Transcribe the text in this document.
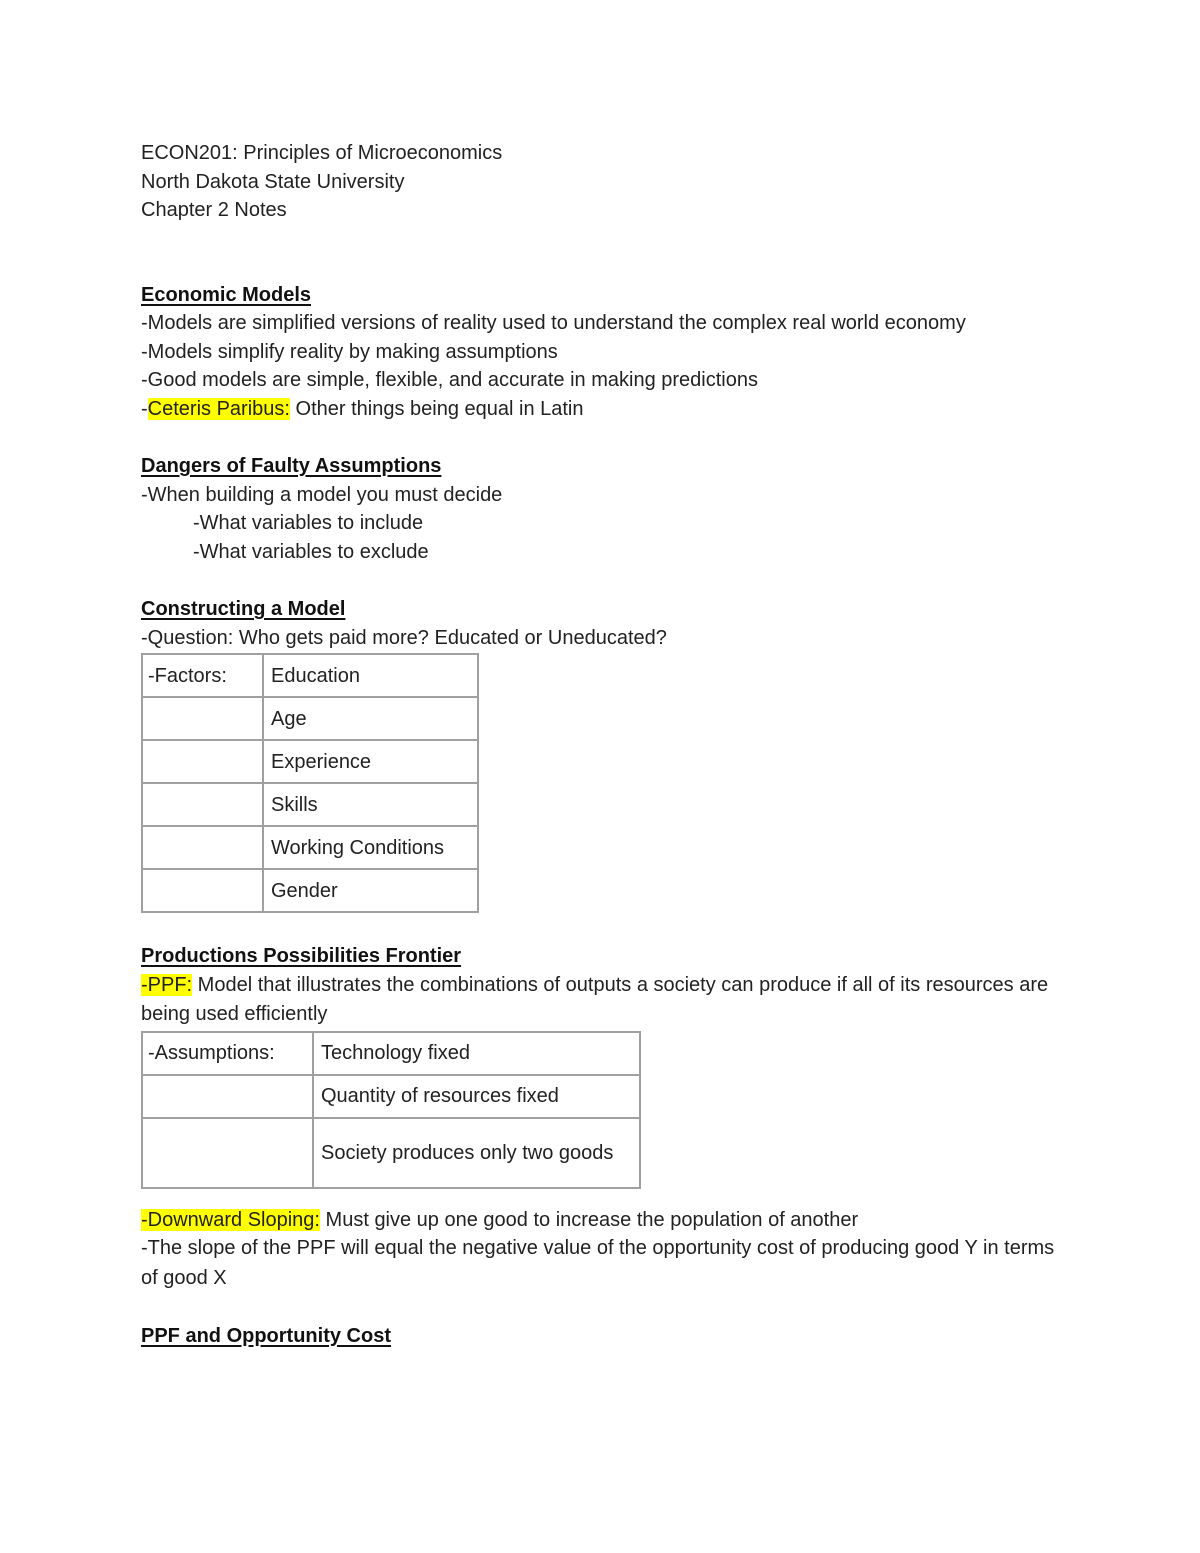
ECON201: Principles of Microeconomics
North Dakota State University
Chapter 2 Notes
Economic Models
-Models are simplified versions of reality used to understand the complex real world economy
-Models simplify reality by making assumptions
-Good models are simple, flexible, and accurate in making predictions
-Ceteris Paribus: Other things being equal in Latin
Dangers of Faulty Assumptions
-When building a model you must decide
-What variables to include
-What variables to exclude
Constructing a Model
-Question: Who gets paid more? Educated or Uneducated?
-Factors:	Education
	Age
	Experience
	Skills
	Working Conditions
	Gender
Productions Possibilities Frontier
-PPF: Model that illustrates the combinations of outputs a society can produce if all of its resources are being used efficiently
-Assumptions:	Technology fixed
	Quantity of resources fixed
	Society produces only two goods
-Downward Sloping: Must give up one good to increase the population of another
-The slope of the PPF will equal the negative value of the opportunity cost of producing good Y in terms of good X
PPF and Opportunity Cost
